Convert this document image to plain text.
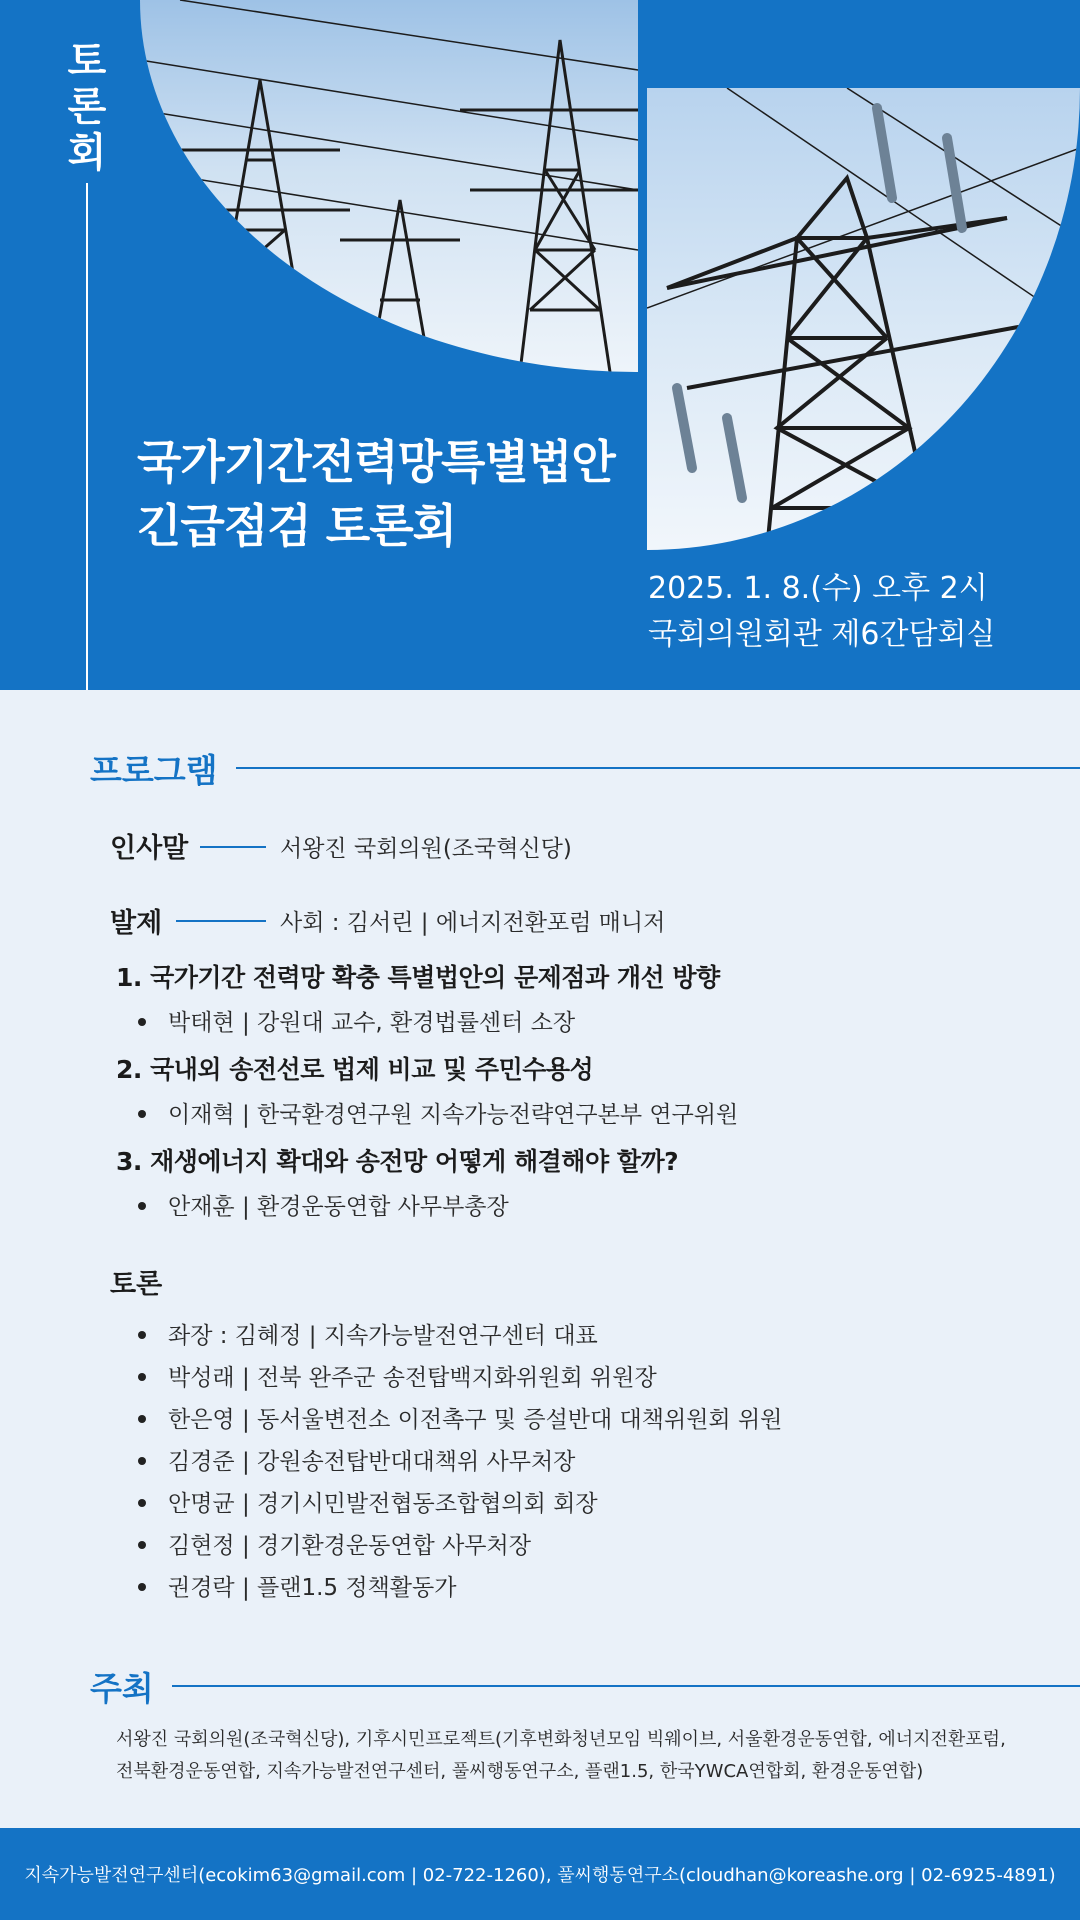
토론회
국가기간전력망특별법안
긴급점검 토론회
2025. 1. 8.(수) 오후 2시
국회의원회관 제6간담회실
프로그램
인사말	서왕진 국회의원(조국혁신당)
발제	사회 : 김서린 | 에너지전환포럼 매니저
1. 국가기간 전력망 확충 특별법안의 문제점과 개선 방향
박태현 | 강원대 교수, 환경법률센터 소장
2. 국내외 송전선로 법제 비교 및 주민수용성
이재혁 | 한국환경연구원 지속가능전략연구본부 연구위원
3. 재생에너지 확대와 송전망 어떻게 해결해야 할까?
안재훈 | 환경운동연합 사무부총장
토론
좌장 : 김혜정 | 지속가능발전연구센터 대표
박성래 | 전북 완주군 송전탑백지화위원회 위원장
한은영 | 동서울변전소 이전촉구 및 증설반대 대책위원회 위원
김경준 | 강원송전탑반대대책위 사무처장
안명균 | 경기시민발전협동조합협의회 회장
김현정 | 경기환경운동연합 사무처장
권경락 | 플랜1.5 정책활동가
주최
서왕진 국회의원(조국혁신당), 기후시민프로젝트(기후변화청년모임 빅웨이브, 서울환경운동연합, 에너지전환포럼,
전북환경운동연합, 지속가능발전연구센터, 풀씨행동연구소, 플랜1.5, 한국YWCA연합회, 환경운동연합)
지속가능발전연구센터(ecokim63@gmail.com | 02-722-1260), 풀씨행동연구소(cloudhan@koreashe.org | 02-6925-4891)
